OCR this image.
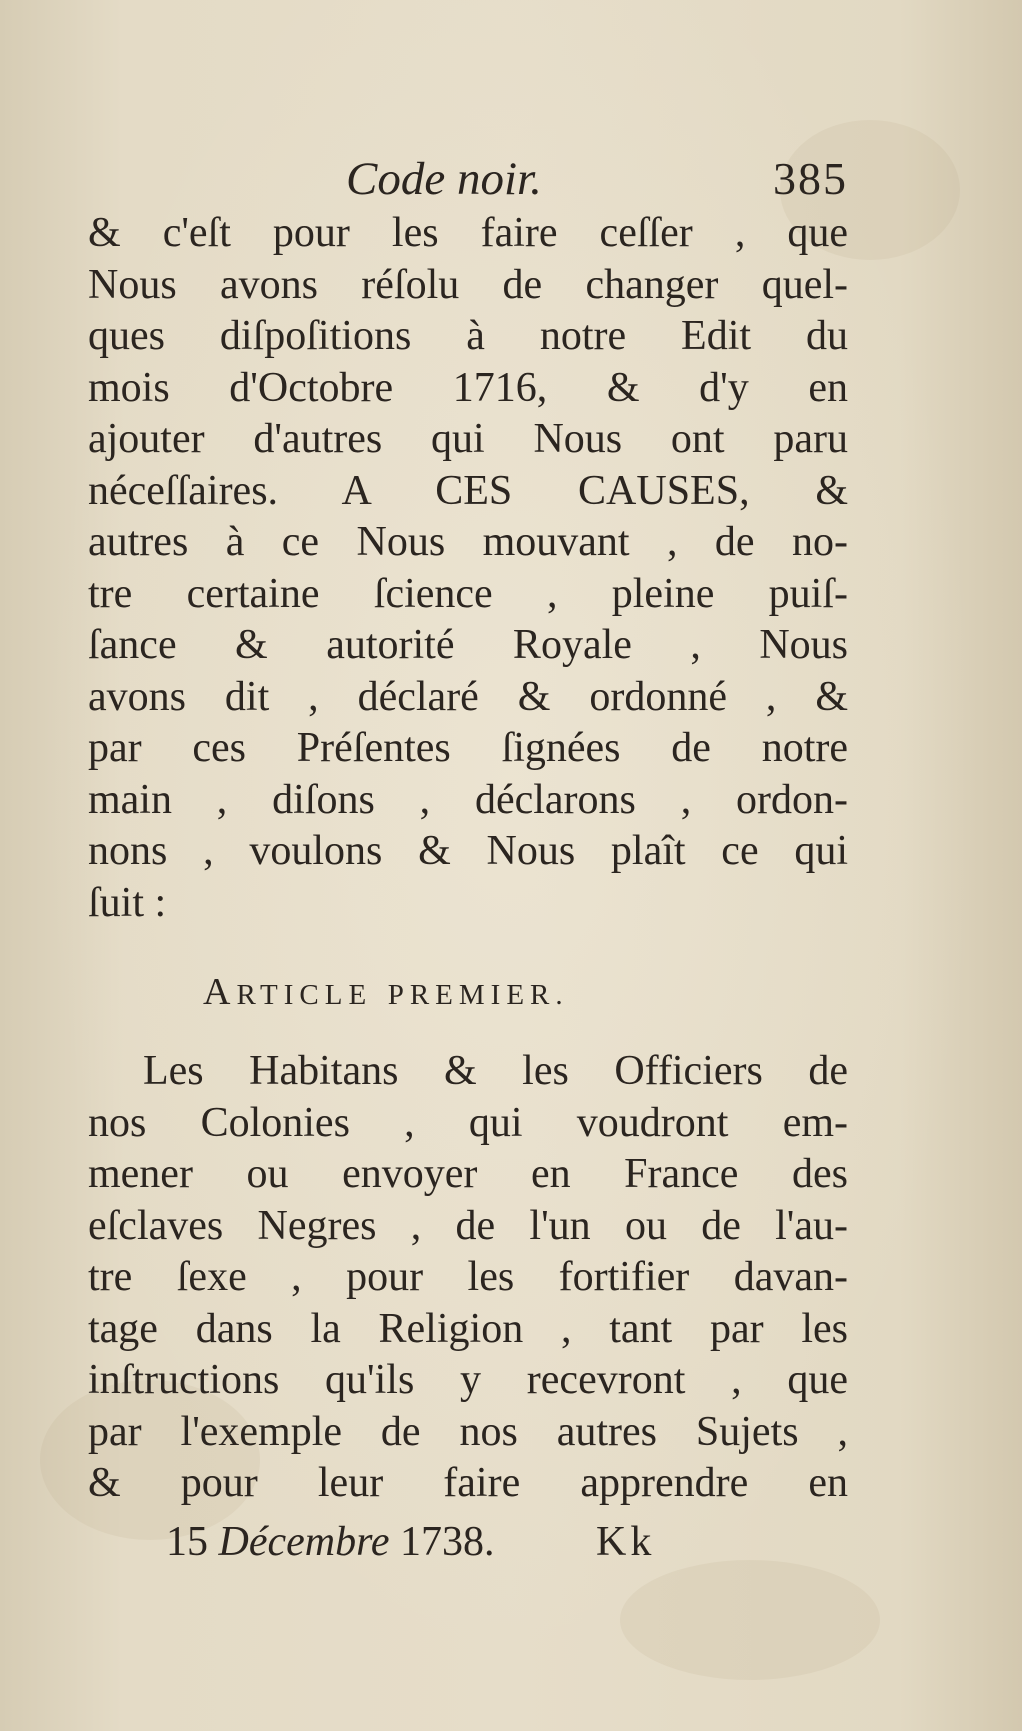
Code noir.	385
& c'eſt pour les faire ceſſer , que
Nous avons réſolu de changer quel-
ques diſpoſitions à notre Edit du
mois d'Octobre 1716, & d'y en
ajouter d'autres qui Nous ont paru
néceſſaires. A CES CAUSES, &
autres à ce Nous mouvant , de no-
tre certaine ſcience , pleine puiſ-
ſance & autorité Royale , Nous
avons dit , déclaré & ordonné , &
par ces Préſentes ſignées de notre
main , diſons , déclarons , ordon-
nons , voulons & Nous plaît ce qui
ſuit :
ARTICLE PREMIER.
Les Habitans & les Officiers de
nos Colonies , qui voudront em-
mener ou envoyer en France des
eſclaves Negres , de l'un ou de l'au-
tre ſexe , pour les fortifier davan-
tage dans la Religion , tant par les
inſtructions qu'ils y recevront , que
par l'exemple de nos autres Sujets ,
& pour leur faire apprendre en
15 Décembre 1738. Kk
